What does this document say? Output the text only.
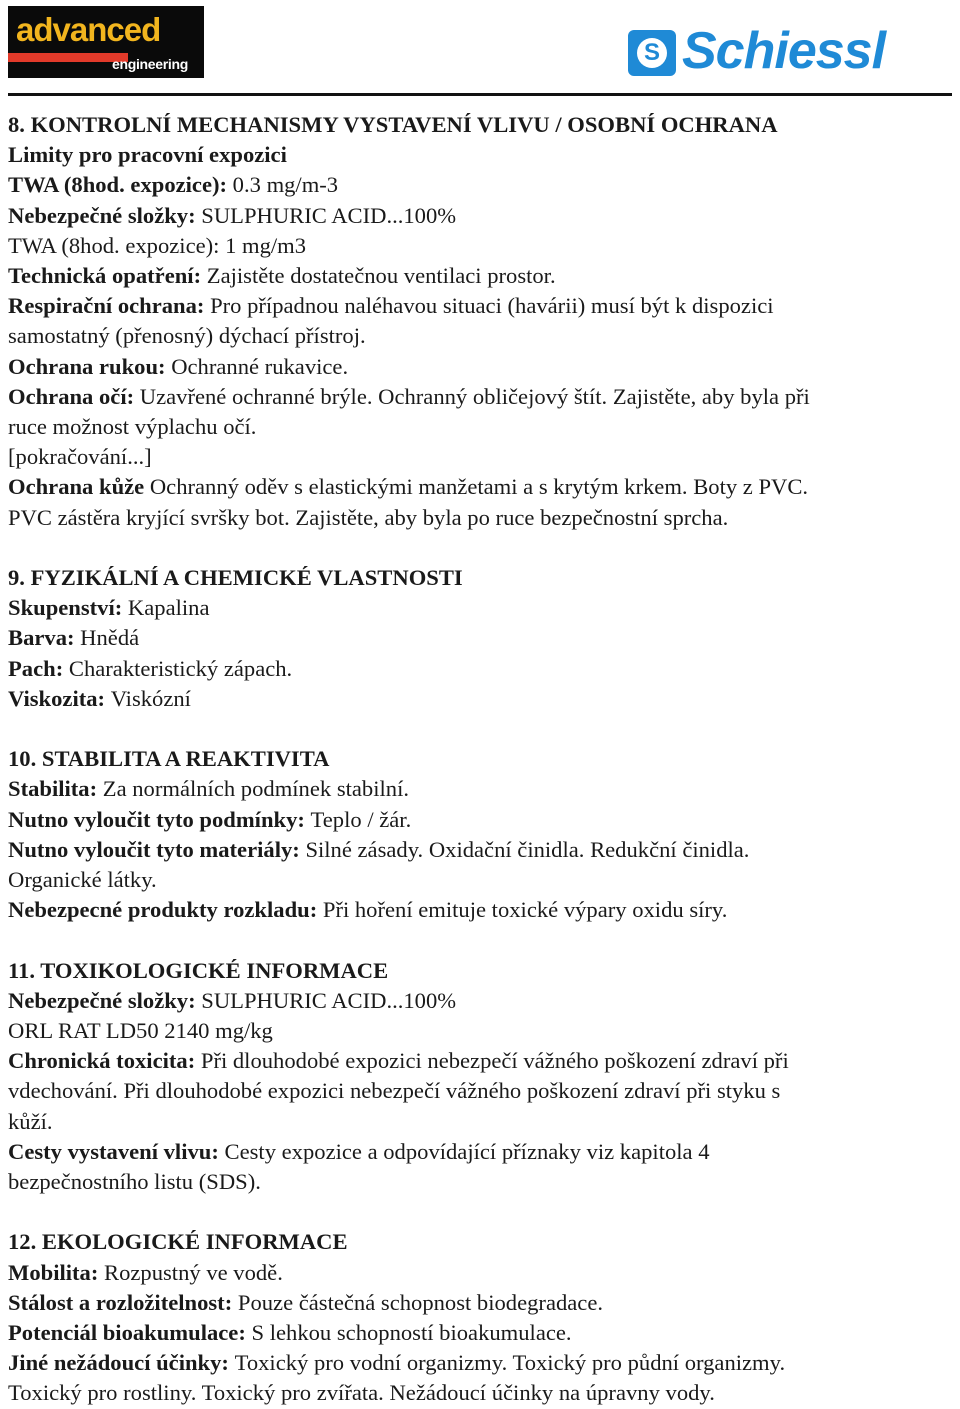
advanced
engineering	S Schiessl
8. KONTROLNÍ MECHANISMY VYSTAVENÍ VLIVU / OSOBNÍ OCHRANA
Limity pro pracovní expozici
TWA (8hod. expozice): 0.3 mg/m-3
Nebezpečné složky: SULPHURIC ACID...100%
TWA (8hod. expozice): 1 mg/m3
Technická opatření: Zajistěte dostatečnou ventilaci prostor.
Respirační ochrana: Pro případnou naléhavou situaci (havárii) musí být k dispozici
samostatný (přenosný) dýchací přístroj.
Ochrana rukou: Ochranné rukavice.
Ochrana očí: Uzavřené ochranné brýle. Ochranný obličejový štít. Zajistěte, aby byla při
ruce možnost výplachu očí.
[pokračování...]
Ochrana kůže Ochranný oděv s elastickými manžetami a s krytým krkem. Boty z PVC.
PVC zástěra kryjící svršky bot. Zajistěte, aby byla po ruce bezpečnostní sprcha.
9. FYZIKÁLNÍ A CHEMICKÉ VLASTNOSTI
Skupenství: Kapalina
Barva: Hnědá
Pach: Charakteristický zápach.
Viskozita: Viskózní
10. STABILITA A REAKTIVITA
Stabilita: Za normálních podmínek stabilní.
Nutno vyloučit tyto podmínky: Teplo / žár.
Nutno vyloučit tyto materiály: Silné zásady. Oxidační činidla. Redukční činidla.
Organické látky.
Nebezpecné produkty rozkladu: Při hoření emituje toxické výpary oxidu síry.
11. TOXIKOLOGICKÉ INFORMACE
Nebezpečné složky: SULPHURIC ACID...100%
ORL RAT LD50 2140 mg/kg
Chronická toxicita: Při dlouhodobé expozici nebezpečí vážného poškození zdraví při
vdechování. Při dlouhodobé expozici nebezpečí vážného poškození zdraví při styku s
kůží.
Cesty vystavení vlivu: Cesty expozice a odpovídající příznaky viz kapitola 4
bezpečnostního listu (SDS).
12. EKOLOGICKÉ INFORMACE
Mobilita: Rozpustný ve vodě.
Stálost a rozložitelnost: Pouze částečná schopnost biodegradace.
Potenciál bioakumulace: S lehkou schopností bioakumulace.
Jiné nežádoucí účinky: Toxický pro vodní organizmy. Toxický pro půdní organizmy.
Toxický pro rostliny. Toxický pro zvířata. Nežádoucí účinky na úpravny vody.
